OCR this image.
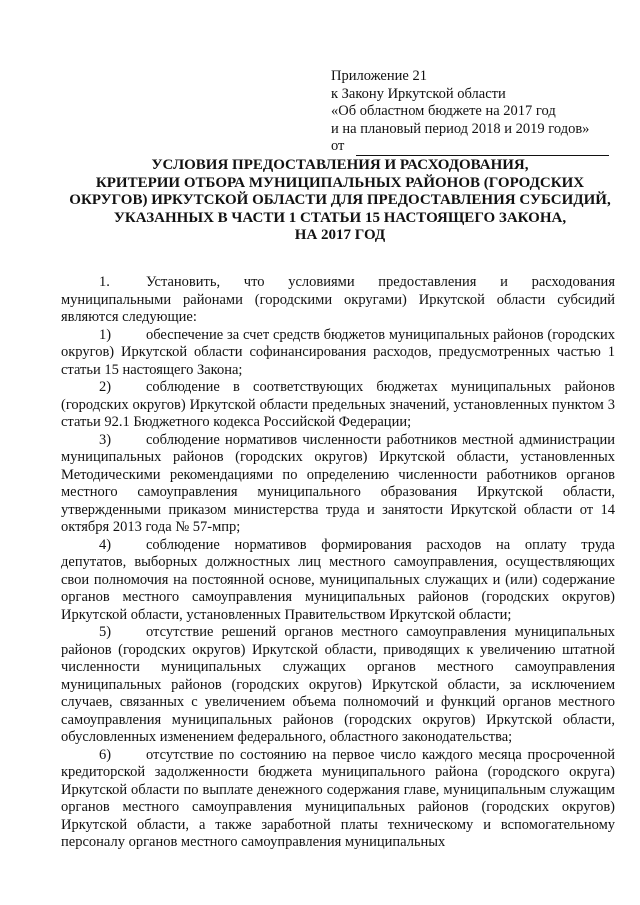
Приложение 21
к Закону Иркутской области
«Об областном бюджете на 2017 год
и на плановый период 2018 и 2019 годов»
от
УСЛОВИЯ ПРЕДОСТАВЛЕНИЯ И РАСХОДОВАНИЯ,
КРИТЕРИИ ОТБОРА МУНИЦИПАЛЬНЫХ РАЙОНОВ (ГОРОДСКИХ
ОКРУГОВ) ИРКУТСКОЙ ОБЛАСТИ ДЛЯ ПРЕДОСТАВЛЕНИЯ СУБСИДИЙ,
УКАЗАННЫХ В ЧАСТИ 1 СТАТЬИ 15 НАСТОЯЩЕГО ЗАКОНА,
НА 2017 ГОД

1. Установить, что условиями предоставления и расходования муниципальными районами (городскими округами) Иркутской области субсидий являются следующие:

1) обеспечение за счет средств бюджетов муниципальных районов (городских округов) Иркутской области софинансирования расходов, предусмотренных частью 1 статьи 15 настоящего Закона;

2) соблюдение в соответствующих бюджетах муниципальных районов (городских округов) Иркутской области предельных значений, установленных пунктом 3 статьи 92.1 Бюджетного кодекса Российской Федерации;

3) соблюдение нормативов численности работников местной администрации муниципальных районов (городских округов) Иркутской области, установленных Методическими рекомендациями по определению численности работников органов местного самоуправления муниципального образования Иркутской области, утвержденными приказом министерства труда и занятости Иркутской области от 14 октября 2013 года № 57-мпр;

4) соблюдение нормативов формирования расходов на оплату труда депутатов, выборных должностных лиц местного самоуправления, осуществляющих свои полномочия на постоянной основе, муниципальных служащих и (или) содержание органов местного самоуправления муниципальных районов (городских округов) Иркутской области, установленных Правительством Иркутской области;

5) отсутствие решений органов местного самоуправления муниципальных районов (городских округов) Иркутской области, приводящих к увеличению штатной численности муниципальных служащих органов местного самоуправления муниципальных районов (городских округов) Иркутской области, за исключением случаев, связанных с увеличением объема полномочий и функций органов местного самоуправления муниципальных районов (городских округов) Иркутской области, обусловленных изменением федерального, областного законодательства;

6) отсутствие по состоянию на первое число каждого месяца просроченной кредиторской задолженности бюджета муниципального района (городского округа) Иркутской области по выплате денежного содержания главе, муниципальным служащим органов местного самоуправления муниципальных районов (городских округов) Иркутской области, а также заработной платы техническому и вспомогательному персоналу органов местного самоуправления муниципальных
